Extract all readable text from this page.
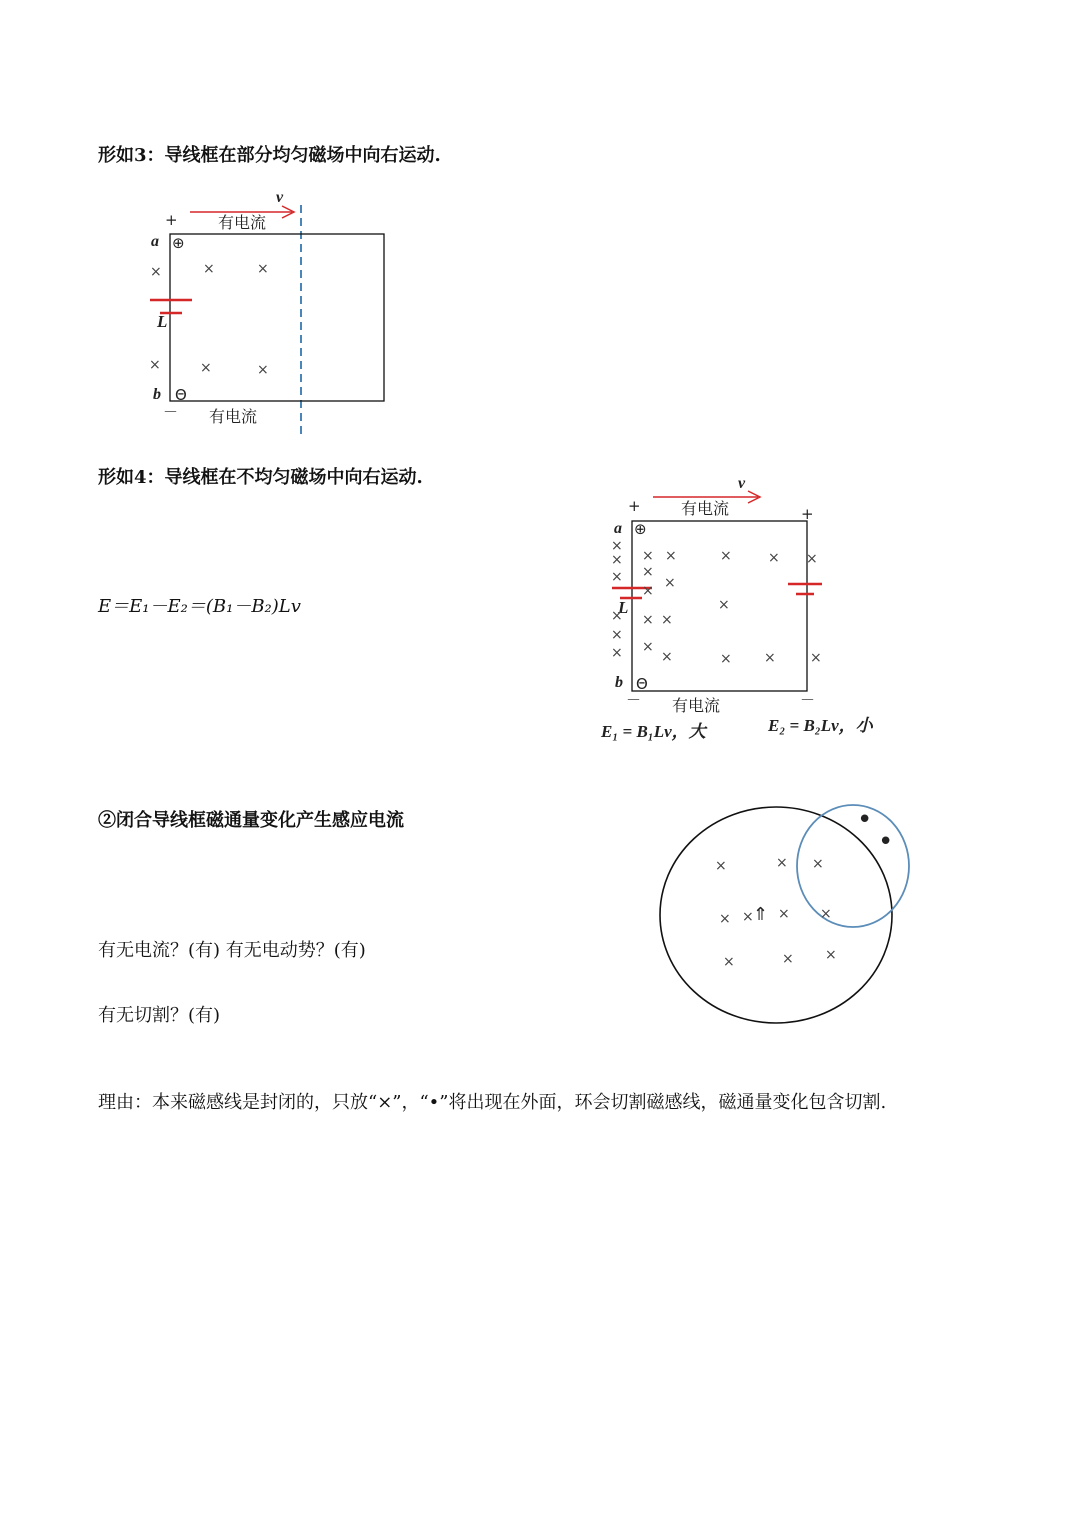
形如3：导线框在部分均匀磁场中向右运动.
v
+	有电流
a ⊕
b Θ
－ 有电流
L
×	×	×
×	×	×
形如4：导线框在不均匀磁场中向右运动.
E＝E₁－E₂＝(B₁－B₂)Lv
v
+	+
有电流
a ⊕
b Θ
－	－
有电流
L
×
×
×
×
×
×
× ×
×
×
×
× ×
×
×
×	× ×
×
× × ×
E₁ = B₁Lv，大	E₂ = B₂Lv，小
②闭合导线框磁通量变化产生感应电流
有无电流？(有) 有无电动势？(有)
有无切割？(有)
•
•
×	× ×
× × ⇑ × ×
×	× ×
理由：本来磁感线是封闭的，只放“×”，“•”将出现在外面，环会切割磁感线，磁通量变化包含切割.
